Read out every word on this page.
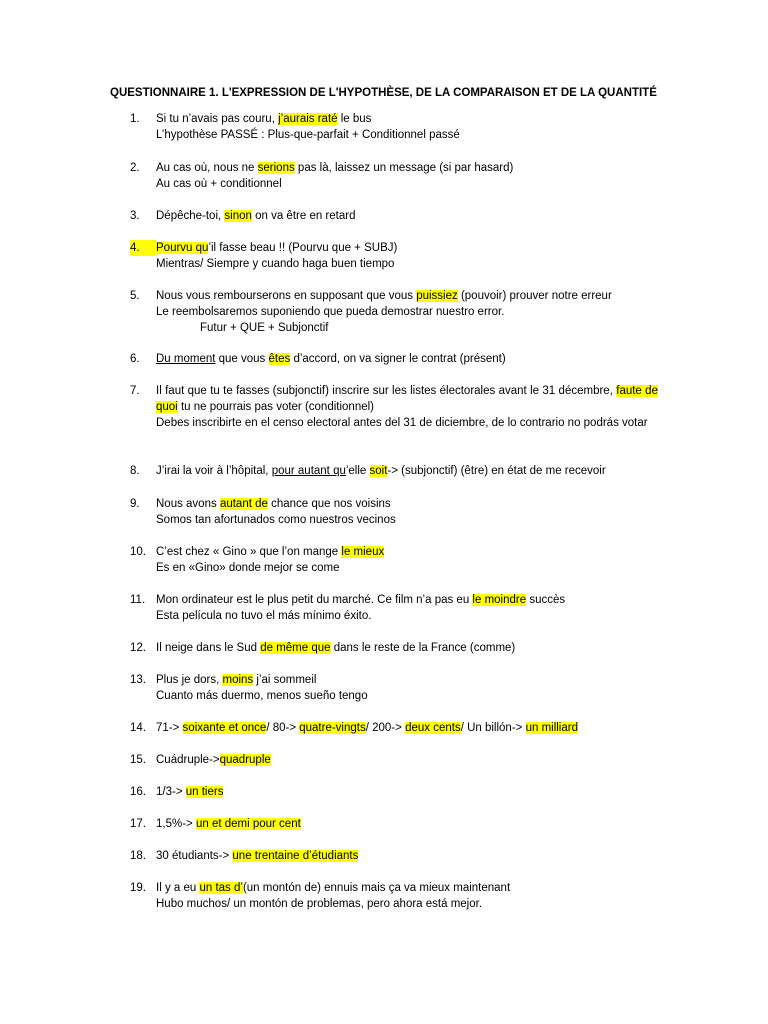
QUESTIONNAIRE 1. L'EXPRESSION DE L'HYPOTHÈSE, DE LA COMPARAISON ET DE LA QUANTITÉ
1.	Si tu n’avais pas couru, j’aurais raté le bus
L’hypothèse PASSÉ : Plus-que-parfait + Conditionnel passé
2.	Au cas où, nous ne serions pas là, laissez un message (si par hasard)
Au cas où + conditionnel
3.	Dépêche-toi, sinon on va être en retard
4.	Pourvu qu’il fasse beau !! (Pourvu que + SUBJ)
Mientras/ Siempre y cuando haga buen tiempo
5.	Nous vous rembourserons en supposant que vous puissiez (pouvoir) prouver notre erreur
Le reembolsaremos suponiendo que pueda demostrar nuestro error.
Futur + QUE + Subjonctif
6.	Du moment que vous êtes d’accord, on va signer le contrat (présent)
7.	Il faut que tu te fasses (subjonctif) inscrire sur les listes électorales avant le 31 décembre, faute de quoi tu ne pourrais pas voter (conditionnel)
Debes inscribirte en el censo electoral antes del 31 de diciembre, de lo contrario no podrás votar
8.	J’irai la voir à l’hôpital, pour autant qu’elle soit-> (subjonctif) (être) en état de me recevoir
9.	Nous avons autant de chance que nos voisins
Somos tan afortunados como nuestros vecinos
10. C’est chez « Gino » que l’on mange le mieux
Es en «Gino» donde mejor se come
11. Mon ordinateur est le plus petit du marché. Ce film n’a pas eu le moindre succès
Esta película no tuvo el más mínimo éxito.
12. Il neige dans le Sud de même que dans le reste de la France (comme)
13. Plus je dors, moins j’ai sommeil
Cuanto más duermo, menos sueño tengo
14. 71-> soixante et once/ 80-> quatre-vingts/ 200-> deux cents/ Un billón-> un milliard
15. Cuádruple->quadruple
16. 1/3-> un tiers
17. 1,5%-> un et demi pour cent
18. 30 étudiants-> une trentaine d’étudiants
19. Il y a eu un tas d’(un montón de) ennuis mais ça va mieux maintenant
Hubo muchos/ un montón de problemas, pero ahora está mejor.
